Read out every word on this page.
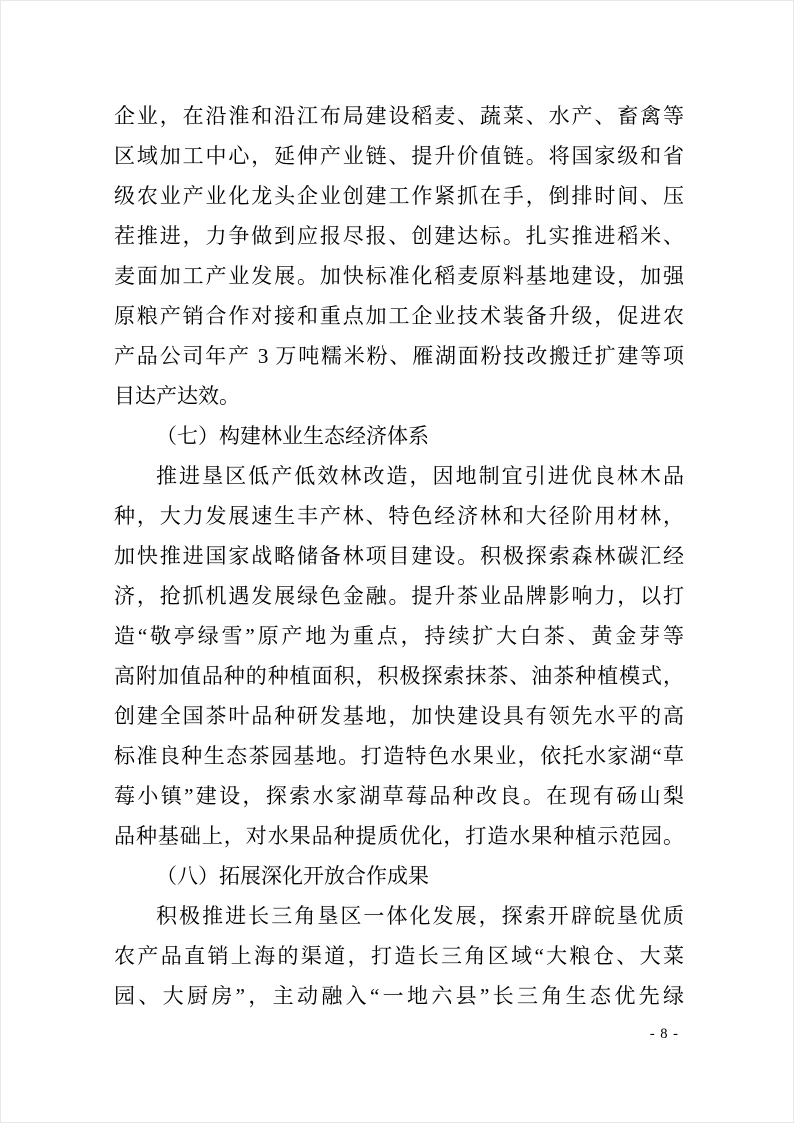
企业，在沿淮和沿江布局建设稻麦、蔬菜、水产、畜禽等
区域加工中心，延伸产业链、提升价值链。将国家级和省
级农业产业化龙头企业创建工作紧抓在手，倒排时间、压
茬推进，力争做到应报尽报、创建达标。扎实推进稻米、
麦面加工产业发展。加快标准化稻麦原料基地建设，加强
原粮产销合作对接和重点加工企业技术装备升级，促进农
产品公司年产 3 万吨糯米粉、雁湖面粉技改搬迁扩建等项
目达产达效。
（七）构建林业生态经济体系
推进垦区低产低效林改造，因地制宜引进优良林木品
种，大力发展速生丰产林、特色经济林和大径阶用材林，
加快推进国家战略储备林项目建设。积极探索森林碳汇经
济，抢抓机遇发展绿色金融。提升茶业品牌影响力，以打
造“敬亭绿雪”原产地为重点，持续扩大白茶、黄金芽等
高附加值品种的种植面积，积极探索抹茶、油茶种植模式，
创建全国茶叶品种研发基地，加快建设具有领先水平的高
标准良种生态茶园基地。打造特色水果业，依托水家湖“草
莓小镇”建设，探索水家湖草莓品种改良。在现有砀山梨
品种基础上，对水果品种提质优化，打造水果种植示范园。
（八）拓展深化开放合作成果
积极推进长三角垦区一体化发展，探索开辟皖垦优质
农产品直销上海的渠道，打造长三角区域“大粮仓、大菜
园、大厨房”，主动融入“一地六县”长三角生态优先绿
- 8 -
